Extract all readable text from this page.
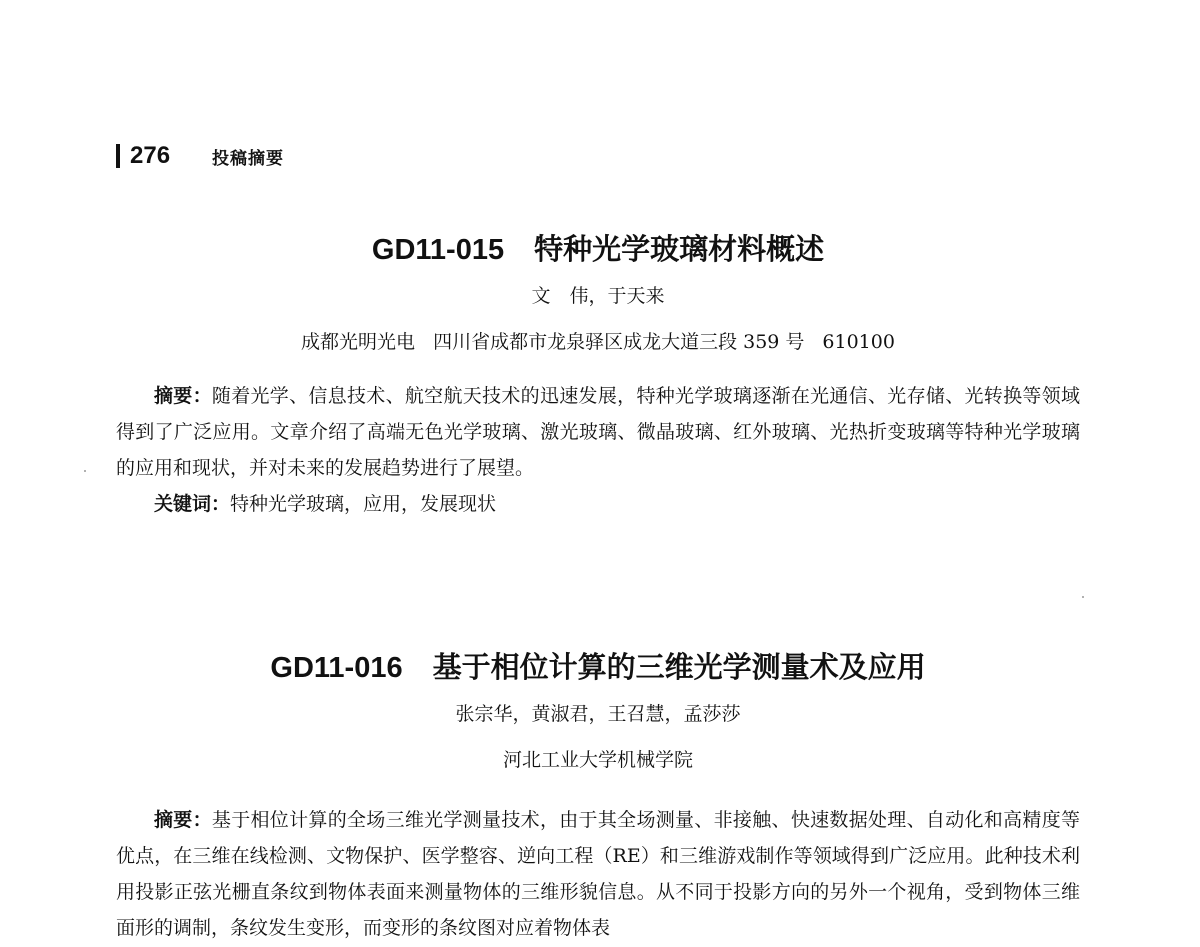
276 投稿摘要
GD11-015 特种光学玻璃材料概述
文　伟，于天来
成都光明光电 四川省成都市龙泉驿区成龙大道三段 359 号 610100
摘要：随着光学、信息技术、航空航天技术的迅速发展，特种光学玻璃逐渐在光通信、光存储、光转换等领域得到了广泛应用。文章介绍了高端无色光学玻璃、激光玻璃、微晶玻璃、红外玻璃、光热折变玻璃等特种光学玻璃的应用和现状，并对未来的发展趋势进行了展望。
关键词：特种光学玻璃，应用，发展现状
GD11-016 基于相位计算的三维光学测量术及应用
张宗华，黄淑君，王召慧，孟莎莎
河北工业大学机械学院
摘要：基于相位计算的全场三维光学测量技术，由于其全场测量、非接触、快速数据处理、自动化和高精度等优点，在三维在线检测、文物保护、医学整容、逆向工程（RE）和三维游戏制作等领域得到广泛应用。此种技术利用投影正弦光栅直条纹到物体表面来测量物体的三维形貌信息。从不同于投影方向的另外一个视角，受到物体三维面形的调制，条纹发生变形，而变形的条纹图对应着物体表
